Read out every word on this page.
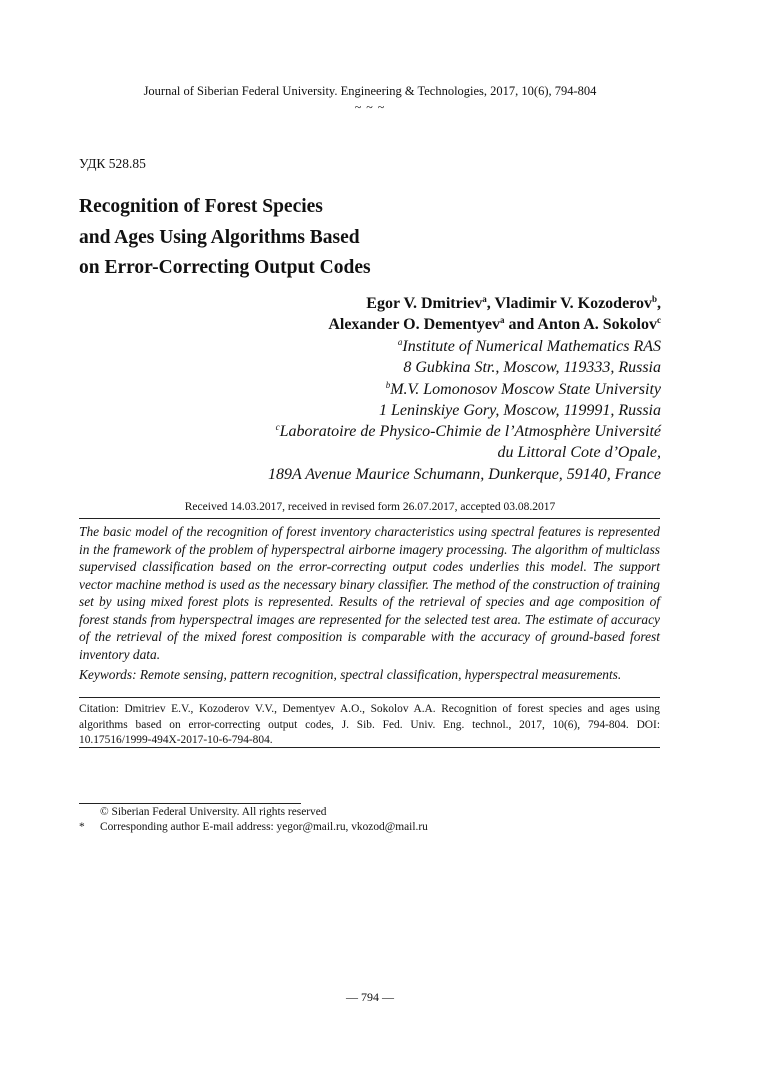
Journal of Siberian Federal University. Engineering & Technologies, 2017, 10(6), 794-804
~ ~ ~
УДК 528.85
Recognition of Forest Species
and Ages Using Algorithms Based
on Error-Correcting Output Codes
Egor V. Dmitriev$^a$, Vladimir V. Kozoderov$^b$,
Alexander O. Dementyev$^a$ and Anton A. Sokolov$^c$
$^a$Institute of Numerical Mathematics RAS
8 Gubkina Str., Moscow, 119333, Russia
$^b$M.V. Lomonosov Moscow State University
1 Leninskiye Gory, Moscow, 119991, Russia
$^c$Laboratoire de Physico-Chimie de l’Atmosphère Université
du Littoral Cote d’Opale,
189A Avenue Maurice Schumann, Dunkerque, 59140, France
Received 14.03.2017, received in revised form 26.07.2017, accepted 03.08.2017
The basic model of the recognition of forest inventory characteristics using spectral features is represented in the framework of the problem of hyperspectral airborne imagery processing. The algorithm of multiclass supervised classification based on the error-correcting output codes underlies this model. The support vector machine method is used as the necessary binary classifier. The method of the construction of training set by using mixed forest plots is represented. Results of the retrieval of species and age composition of forest stands from hyperspectral images are represented for the selected test area. The estimate of accuracy of the retrieval of the mixed forest composition is comparable with the accuracy of ground-based forest inventory data.
Keywords: Remote sensing, pattern recognition, spectral classification, hyperspectral measurements.
Citation: Dmitriev E.V., Kozoderov V.V., Dementyev A.O., Sokolov A.A. Recognition of forest species and ages using algorithms based on error-correcting output codes, J. Sib. Fed. Univ. Eng. technol., 2017, 10(6), 794-804. DOI: 10.17516/1999-494X-2017-10-6-794-804.
© Siberian Federal University. All rights reserved
* Corresponding author E-mail address: yegor@mail.ru, vkozod@mail.ru
— 794 —
